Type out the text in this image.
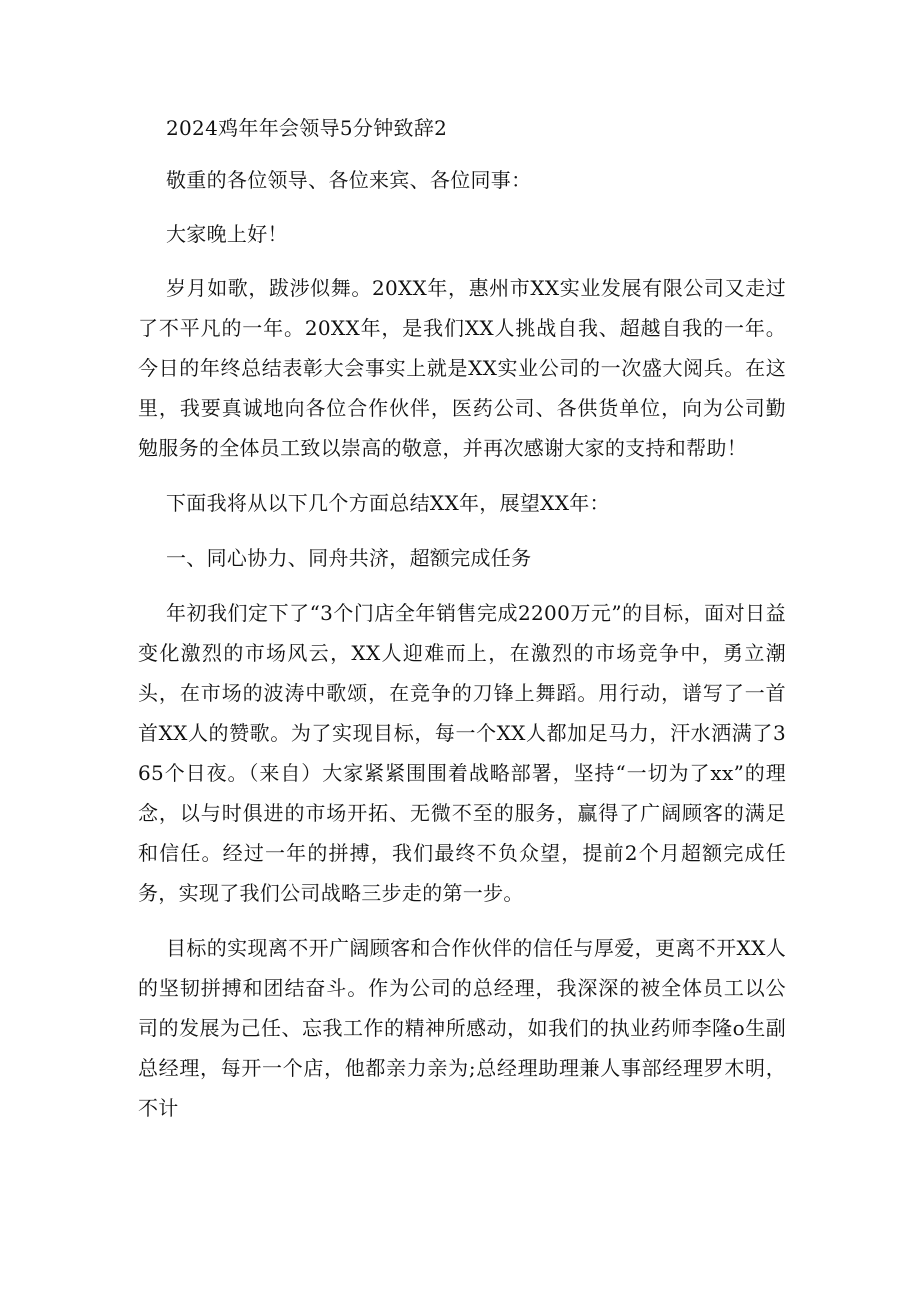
2024鸡年年会领导5分钟致辞2

敬重的各位领导、各位来宾、各位同事：

大家晚上好！

岁月如歌，跋涉似舞。20XX年，惠州市XX实业发展有限公司又走过了不平凡的一年。20XX年，是我们XX人挑战自我、超越自我的一年。今日的年终总结表彰大会事实上就是XX实业公司的一次盛大阅兵。在这里，我要真诚地向各位合作伙伴，医药公司、各供货单位，向为公司勤勉服务的全体员工致以崇高的敬意，并再次感谢大家的支持和帮助！

下面我将从以下几个方面总结XX年，展望XX年：

一、同心协力、同舟共济，超额完成任务

年初我们定下了“3个门店全年销售完成2200万元”的目标，面对日益变化激烈的市场风云，XX人迎难而上，在激烈的市场竞争中，勇立潮头，在市场的波涛中歌颂，在竞争的刀锋上舞蹈。用行动，谱写了一首首XX人的赞歌。为了实现目标，每一个XX人都加足马力，汗水洒满了365个日夜。（来自）大家紧紧围围着战略部署，坚持“一切为了xx”的理念，以与时俱进的市场开拓、无微不至的服务，赢得了广阔顾客的满足和信任。经过一年的拼搏，我们最终不负众望，提前2个月超额完成任务，实现了我们公司战略三步走的第一步。

目标的实现离不开广阔顾客和合作伙伴的信任与厚爱，更离不开XX人的坚韧拼搏和团结奋斗。作为公司的总经理，我深深的被全体员工以公司的发展为己任、忘我工作的精神所感动，如我们的执业药师李隆o生副总经理，每开一个店，他都亲力亲为;总经理助理兼人事部经理罗木明，不计
